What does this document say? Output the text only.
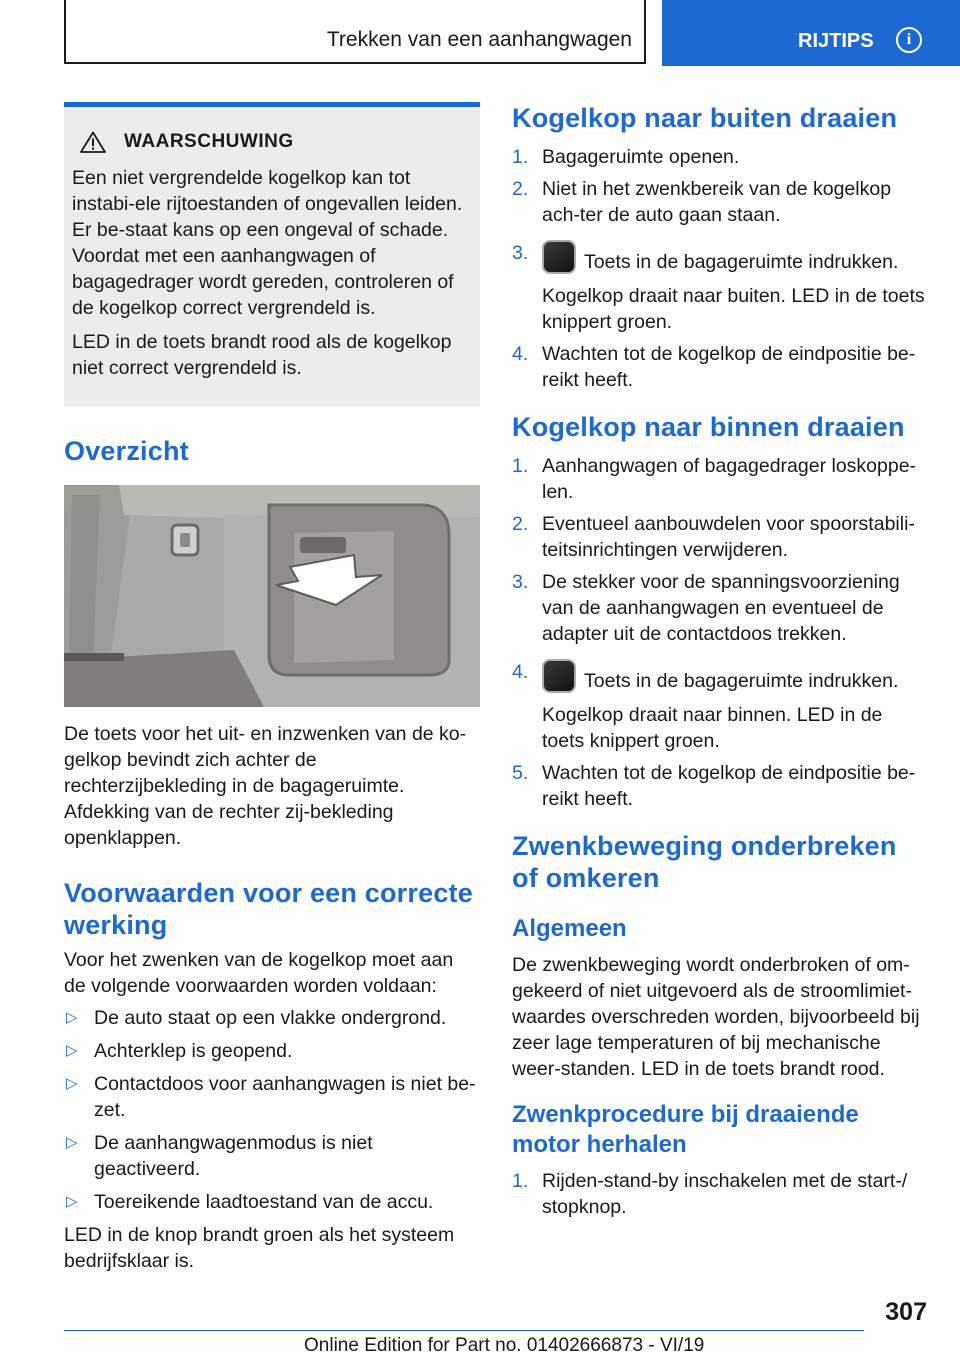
Trekken van een aanhangwagen	RIJTIPS	i
WAARSCHUWING

Een niet vergrendelde kogelkop kan tot instabi-ele rijtoestanden of ongevallen leiden. Er be-staat kans op een ongeval of schade. Voordat met een aanhangwagen of bagagedrager wordt gereden, controleren of de kogelkop correct vergrendeld is.

LED in de toets brandt rood als de kogelkop niet correct vergrendeld is.

Overzicht

De toets voor het uit- en inzwenken van de ko-gelkop bevindt zich achter de rechterzijbekleding in de bagageruimte. Afdekking van de rechter zij-bekleding openklappen.

Voorwaarden voor een correcte werking

Voor het zwenken van de kogelkop moet aan de volgende voorwaarden worden voldaan:

▷ De auto staat op een vlakke ondergrond.
▷ Achterklep is geopend.
▷ Contactdoos voor aanhangwagen is niet be-zet.
▷ De aanhangwagenmodus is niet geactiveerd.
▷ Toereikende laadtoestand van de accu.

LED in de knop brandt groen als het systeem bedrijfsklaar is.

Kogelkop naar buiten draaien
1. Bagageruimte openen.
2. Niet in het zwenkbereik van de kogelkop ach-ter de auto gaan staan.
3.	Toets in de bagageruimte indrukken.
Kogelkop draait naar buiten. LED in de toets knippert groen.
4. Wachten tot de kogelkop de eindpositie be-reikt heeft.
Kogelkop naar binnen draaien
1. Aanhangwagen of bagagedrager loskoppe-len.
2. Eventueel aanbouwdelen voor spoorstabili-teitsinrichtingen verwijderen.
3. De stekker voor de spanningsvoorziening van de aanhangwagen en eventueel de adapter uit de contactdoos trekken.
4.	Toets in de bagageruimte indrukken.
Kogelkop draait naar binnen. LED in de toets knippert groen.
5. Wachten tot de kogelkop de eindpositie be-reikt heeft.
Zwenkbeweging onderbreken of omkeren
Algemeen

De zwenkbeweging wordt onderbroken of om-gekeerd of niet uitgevoerd als de stroomlimiet-waardes overschreden worden, bijvoorbeeld bij zeer lage temperaturen of bij mechanische weer-standen. LED in de toets brandt rood.

Zwenkprocedure bij draaiende motor herhalen
1. Rijden-stand-by inschakelen met de start-/ stopknop.
307
Online Edition for Part no. 01402666873 - VI/19
